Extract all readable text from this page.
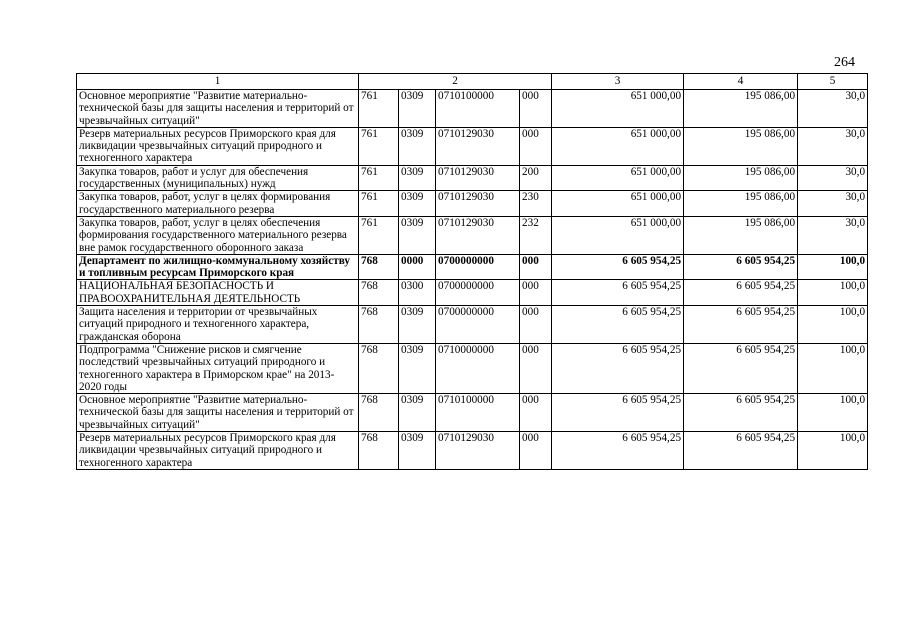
264
1	2				3	4	5
Основное мероприятие "Развитие материально-технической базы для защиты населения и территорий от чрезвычайных ситуаций"	761	0309	0710100000	000	651 000,00	195 086,00	30,0
Резерв материальных ресурсов Приморского края для ликвидации чрезвычайных ситуаций природного и техногенного характера	761	0309	0710129030	000	651 000,00	195 086,00	30,0
Закупка товаров, работ и услуг для обеспечения государственных (муниципальных) нужд	761	0309	0710129030	200	651 000,00	195 086,00	30,0
Закупка товаров, работ, услуг в целях формирования государственного материального резерва	761	0309	0710129030	230	651 000,00	195 086,00	30,0
Закупка товаров, работ, услуг в целях обеспечения формирования государственного материального резерва вне рамок государственного оборонного заказа	761	0309	0710129030	232	651 000,00	195 086,00	30,0
Департамент по жилищно-коммунальному хозяйству и топливным ресурсам Приморского края	768	0000	0700000000	000	6 605 954,25	6 605 954,25	100,0
НАЦИОНАЛЬНАЯ БЕЗОПАСНОСТЬ И ПРАВООХРАНИТЕЛЬНАЯ ДЕЯТЕЛЬНОСТЬ	768	0300	0700000000	000	6 605 954,25	6 605 954,25	100,0
Защита населения и территории от чрезвычайных ситуаций природного и техногенного характера, гражданская оборона	768	0309	0700000000	000	6 605 954,25	6 605 954,25	100,0
Подпрограмма "Снижение рисков и смягчение последствий чрезвычайных ситуаций природного и техногенного характера в Приморском крае" на 2013-2020 годы	768	0309	0710000000	000	6 605 954,25	6 605 954,25	100,0
Основное мероприятие "Развитие материально-технической базы для защиты населения и территорий от чрезвычайных ситуаций"	768	0309	0710100000	000	6 605 954,25	6 605 954,25	100,0
Резерв материальных ресурсов Приморского края для ликвидации чрезвычайных ситуаций природного и техногенного характера	768	0309	0710129030	000	6 605 954,25	6 605 954,25	100,0
